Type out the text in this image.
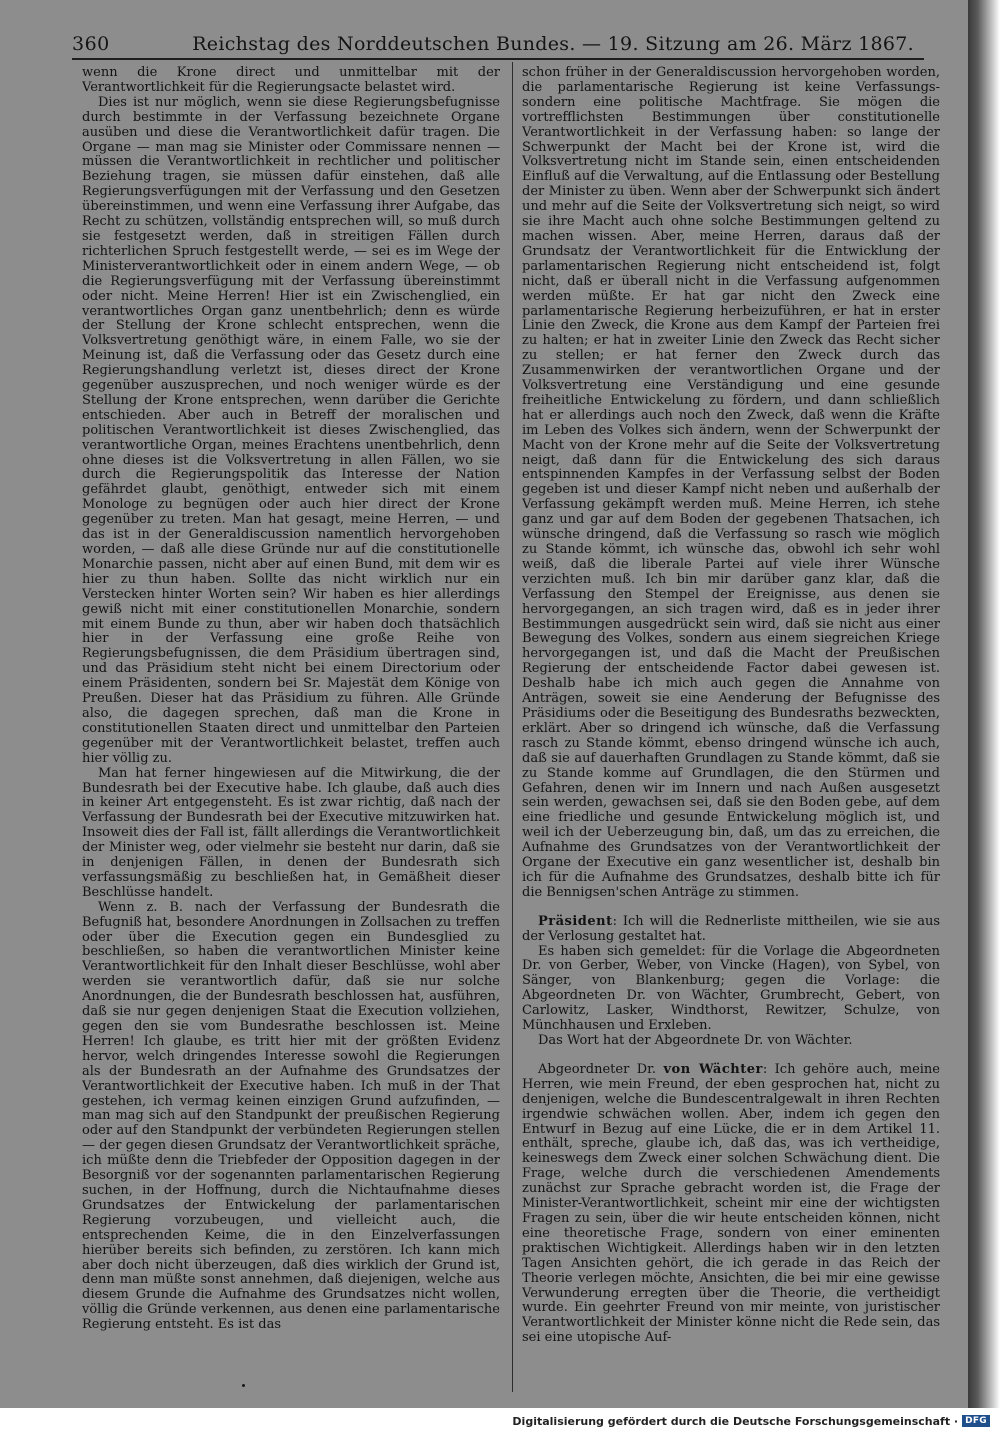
360	Reichstag des Norddeutschen Bundes. — 19. Sitzung am 26. März 1867.

wenn die Krone direct und unmittelbar mit der Verantwortlichkeit für die Regierungsacte belastet wird.

Dies ist nur möglich, wenn sie diese Regierungsbefugnisse durch bestimmte in der Verfassung bezeichnete Organe ausüben und diese die Verantwortlichkeit dafür tragen. Die Organe — man mag sie Minister oder Commissare nennen — müssen die Verantwortlichkeit in rechtlicher und politischer Beziehung tragen, sie müssen dafür einstehen, daß alle Regierungsverfügungen mit der Verfassung und den Gesetzen übereinstimmen, und wenn eine Verfassung ihrer Aufgabe, das Recht zu schützen, vollständig entsprechen will, so muß durch sie festgesetzt werden, daß in streitigen Fällen durch richterlichen Spruch festgestellt werde, — sei es im Wege der Ministerverantwortlichkeit oder in einem andern Wege, — ob die Regierungsverfügung mit der Verfassung übereinstimmt oder nicht. Meine Herren! Hier ist ein Zwischenglied, ein verantwortliches Organ ganz unentbehrlich; denn es würde der Stellung der Krone schlecht entsprechen, wenn die Volksvertretung genöthigt wäre, in einem Falle, wo sie der Meinung ist, daß die Verfassung oder das Gesetz durch eine Regierungshandlung verletzt ist, dieses direct der Krone gegenüber auszusprechen, und noch weniger würde es der Stellung der Krone entsprechen, wenn darüber die Gerichte entschieden. Aber auch in Betreff der moralischen und politischen Verantwortlichkeit ist dieses Zwischenglied, das verantwortliche Organ, meines Erachtens unentbehrlich, denn ohne dieses ist die Volksvertretung in allen Fällen, wo sie durch die Regierungspolitik das Interesse der Nation gefährdet glaubt, genöthigt, entweder sich mit einem Monologe zu begnügen oder auch hier direct der Krone gegenüber zu treten. Man hat gesagt, meine Herren, — und das ist in der Generaldiscussion namentlich hervorgehoben worden, — daß alle diese Gründe nur auf die constitutionelle Monarchie passen, nicht aber auf einen Bund, mit dem wir es hier zu thun haben. Sollte das nicht wirklich nur ein Verstecken hinter Worten sein? Wir haben es hier allerdings gewiß nicht mit einer constitutionellen Monarchie, sondern mit einem Bunde zu thun, aber wir haben doch thatsächlich hier in der Verfassung eine große Reihe von Regierungsbefugnissen, die dem Präsidium übertragen sind, und das Präsidium steht nicht bei einem Directorium oder einem Präsidenten, sondern bei Sr. Majestät dem Könige von Preußen. Dieser hat das Präsidium zu führen. Alle Gründe also, die dagegen sprechen, daß man die Krone in constitutionellen Staaten direct und unmittelbar den Parteien gegenüber mit der Verantwortlichkeit belastet, treffen auch hier völlig zu.

Man hat ferner hingewiesen auf die Mitwirkung, die der Bundesrath bei der Executive habe. Ich glaube, daß auch dies in keiner Art entgegensteht. Es ist zwar richtig, daß nach der Verfassung der Bundesrath bei der Executive mitzuwirken hat. Insoweit dies der Fall ist, fällt allerdings die Verantwortlichkeit der Minister weg, oder vielmehr sie besteht nur darin, daß sie in denjenigen Fällen, in denen der Bundesrath sich verfassungsmäßig zu beschließen hat, in Gemäßheit dieser Beschlüsse handelt.

Wenn z. B. nach der Verfassung der Bundesrath die Befugniß hat, besondere Anordnungen in Zollsachen zu treffen oder über die Execution gegen ein Bundesglied zu beschließen, so haben die verantwortlichen Minister keine Verantwortlichkeit für den Inhalt dieser Beschlüsse, wohl aber werden sie verantwortlich dafür, daß sie nur solche Anordnungen, die der Bundesrath beschlossen hat, ausführen, daß sie nur gegen denjenigen Staat die Execution vollziehen, gegen den sie vom Bundesrathe beschlossen ist. Meine Herren! Ich glaube, es tritt hier mit der größten Evidenz hervor, welch dringendes Interesse sowohl die Regierungen als der Bundesrath an der Aufnahme des Grundsatzes der Verantwortlichkeit der Executive haben. Ich muß in der That gestehen, ich vermag keinen einzigen Grund aufzufinden, — man mag sich auf den Standpunkt der preußischen Regierung oder auf den Standpunkt der verbündeten Regierungen stellen — der gegen diesen Grundsatz der Verantwortlichkeit spräche, ich müßte denn die Triebfeder der Opposition dagegen in der Besorgniß vor der sogenannten parlamentarischen Regierung suchen, in der Hoffnung, durch die Nichtaufnahme dieses Grundsatzes der Entwickelung der parlamentarischen Regierung vorzubeugen, und vielleicht auch, die entsprechenden Keime, die in den Einzelverfassungen hierüber bereits sich befinden, zu zerstören. Ich kann mich aber doch nicht überzeugen, daß dies wirklich der Grund ist, denn man müßte sonst annehmen, daß diejenigen, welche aus diesem Grunde die Aufnahme des Grundsatzes nicht wollen, völlig die Gründe verkennen, aus denen eine parlamentarische Regierung entsteht. Es ist das

schon früher in der Generaldiscussion hervorgehoben worden, die parlamentarische Regierung ist keine Verfassungs- sondern eine politische Machtfrage. Sie mögen die vortrefflichsten Bestimmungen über constitutionelle Verantwortlichkeit in der Verfassung haben: so lange der Schwerpunkt der Macht bei der Krone ist, wird die Volksvertretung nicht im Stande sein, einen entscheidenden Einfluß auf die Verwaltung, auf die Entlassung oder Bestellung der Minister zu üben. Wenn aber der Schwerpunkt sich ändert und mehr auf die Seite der Volksvertretung sich neigt, so wird sie ihre Macht auch ohne solche Bestimmungen geltend zu machen wissen. Aber, meine Herren, daraus daß der Grundsatz der Verantwortlichkeit für die Entwicklung der parlamentarischen Regierung nicht entscheidend ist, folgt nicht, daß er überall nicht in die Verfassung aufgenommen werden müßte. Er hat gar nicht den Zweck eine parlamentarische Regierung herbeizuführen, er hat in erster Linie den Zweck, die Krone aus dem Kampf der Parteien frei zu halten; er hat in zweiter Linie den Zweck das Recht sicher zu stellen; er hat ferner den Zweck durch das Zusammenwirken der verantwortlichen Organe und der Volksvertretung eine Verständigung und eine gesunde freiheitliche Entwickelung zu fördern, und dann schließlich hat er allerdings auch noch den Zweck, daß wenn die Kräfte im Leben des Volkes sich ändern, wenn der Schwerpunkt der Macht von der Krone mehr auf die Seite der Volksvertretung neigt, daß dann für die Entwickelung des sich daraus entspinnenden Kampfes in der Verfassung selbst der Boden gegeben ist und dieser Kampf nicht neben und außerhalb der Verfassung gekämpft werden muß. Meine Herren, ich stehe ganz und gar auf dem Boden der gegebenen Thatsachen, ich wünsche dringend, daß die Verfassung so rasch wie möglich zu Stande kömmt, ich wünsche das, obwohl ich sehr wohl weiß, daß die liberale Partei auf viele ihrer Wünsche verzichten muß. Ich bin mir darüber ganz klar, daß die Verfassung den Stempel der Ereignisse, aus denen sie hervorgegangen, an sich tragen wird, daß es in jeder ihrer Bestimmungen ausgedrückt sein wird, daß sie nicht aus einer Bewegung des Volkes, sondern aus einem siegreichen Kriege hervorgegangen ist, und daß die Macht der Preußischen Regierung der entscheidende Factor dabei gewesen ist. Deshalb habe ich mich auch gegen die Annahme von Anträgen, soweit sie eine Aenderung der Befugnisse des Präsidiums oder die Beseitigung des Bundesraths bezweckten, erklärt. Aber so dringend ich wünsche, daß die Verfassung rasch zu Stande kömmt, ebenso dringend wünsche ich auch, daß sie auf dauerhaften Grundlagen zu Stande kömmt, daß sie zu Stande komme auf Grundlagen, die den Stürmen und Gefahren, denen wir im Innern und nach Außen ausgesetzt sein werden, gewachsen sei, daß sie den Boden gebe, auf dem eine friedliche und gesunde Entwickelung möglich ist, und weil ich der Ueberzeugung bin, daß, um das zu erreichen, die Aufnahme des Grundsatzes von der Verantwortlichkeit der Organe der Executive ein ganz wesentlicher ist, deshalb bin ich für die Aufnahme des Grundsatzes, deshalb bitte ich für die Bennigsen'schen Anträge zu stimmen.

Präsident: Ich will die Rednerliste mittheilen, wie sie aus der Verlosung gestaltet hat.

Es haben sich gemeldet: für die Vorlage die Abgeordneten Dr. von Gerber, Weber, von Vincke (Hagen), von Sybel, von Sänger, von Blankenburg; gegen die Vorlage: die Abgeordneten Dr. von Wächter, Grumbrecht, Gebert, von Carlowitz, Lasker, Windthorst, Rewitzer, Schulze, von Münchhausen und Erxleben.

Das Wort hat der Abgeordnete Dr. von Wächter.

Abgeordneter Dr. von Wächter: Ich gehöre auch, meine Herren, wie mein Freund, der eben gesprochen hat, nicht zu denjenigen, welche die Bundescentralgewalt in ihren Rechten irgendwie schwächen wollen. Aber, indem ich gegen den Entwurf in Bezug auf eine Lücke, die er in dem Artikel 11. enthält, spreche, glaube ich, daß das, was ich vertheidige, keineswegs dem Zweck einer solchen Schwächung dient. Die Frage, welche durch die verschiedenen Amendements zunächst zur Sprache gebracht worden ist, die Frage der Minister-Verantwortlichkeit, scheint mir eine der wichtigsten Fragen zu sein, über die wir heute entscheiden können, nicht eine theoretische Frage, sondern von einer eminenten praktischen Wichtigkeit. Allerdings haben wir in den letzten Tagen Ansichten gehört, die ich gerade in das Reich der Theorie verlegen möchte, Ansichten, die bei mir eine gewisse Verwunderung erregten über die Theorie, die vertheidigt wurde. Ein geehrter Freund von mir meinte, von juristischer Verantwortlichkeit der Minister könne nicht die Rede sein, das sei eine utopische Auf-

Digitalisierung gefördert durch die Deutsche Forschungsgemeinschaft · DFG
